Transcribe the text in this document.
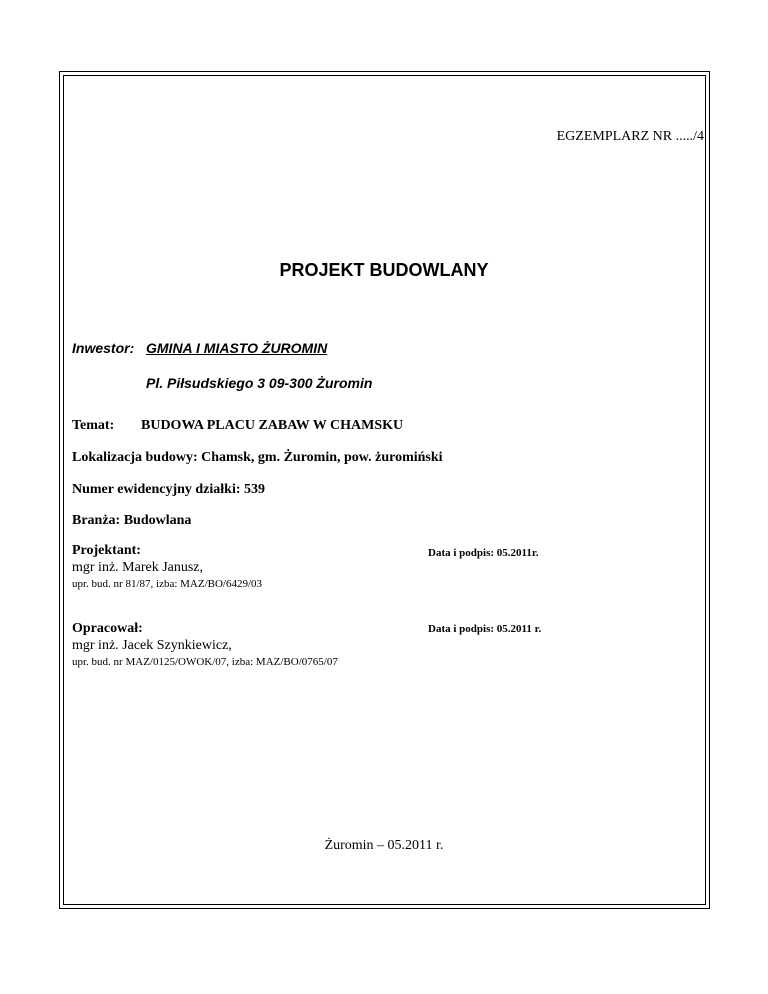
EGZEMPLARZ NR ...../4
PROJEKT BUDOWLANY
Inwestor: GMINA I MIASTO ŻUROMIN
Pl. Piłsudskiego 3 09-300 Żuromin
Temat: BUDOWA PLACU ZABAW W CHAMSKU
Lokalizacja budowy: Chamsk, gm. Żuromin, pow. żuromiński
Numer ewidencyjny działki: 539
Branża: Budowlana
Projektant:
mgr inż. Marek Janusz,
upr. bud. nr 81/87, izba: MAZ/BO/6429/03
Data i podpis: 05.2011r.
Opracował:
mgr inż. Jacek Szynkiewicz,
upr. bud. nr MAZ/0125/OWOK/07, izba: MAZ/BO/0765/07
Data i podpis: 05.2011 r.
Żuromin – 05.2011 r.
